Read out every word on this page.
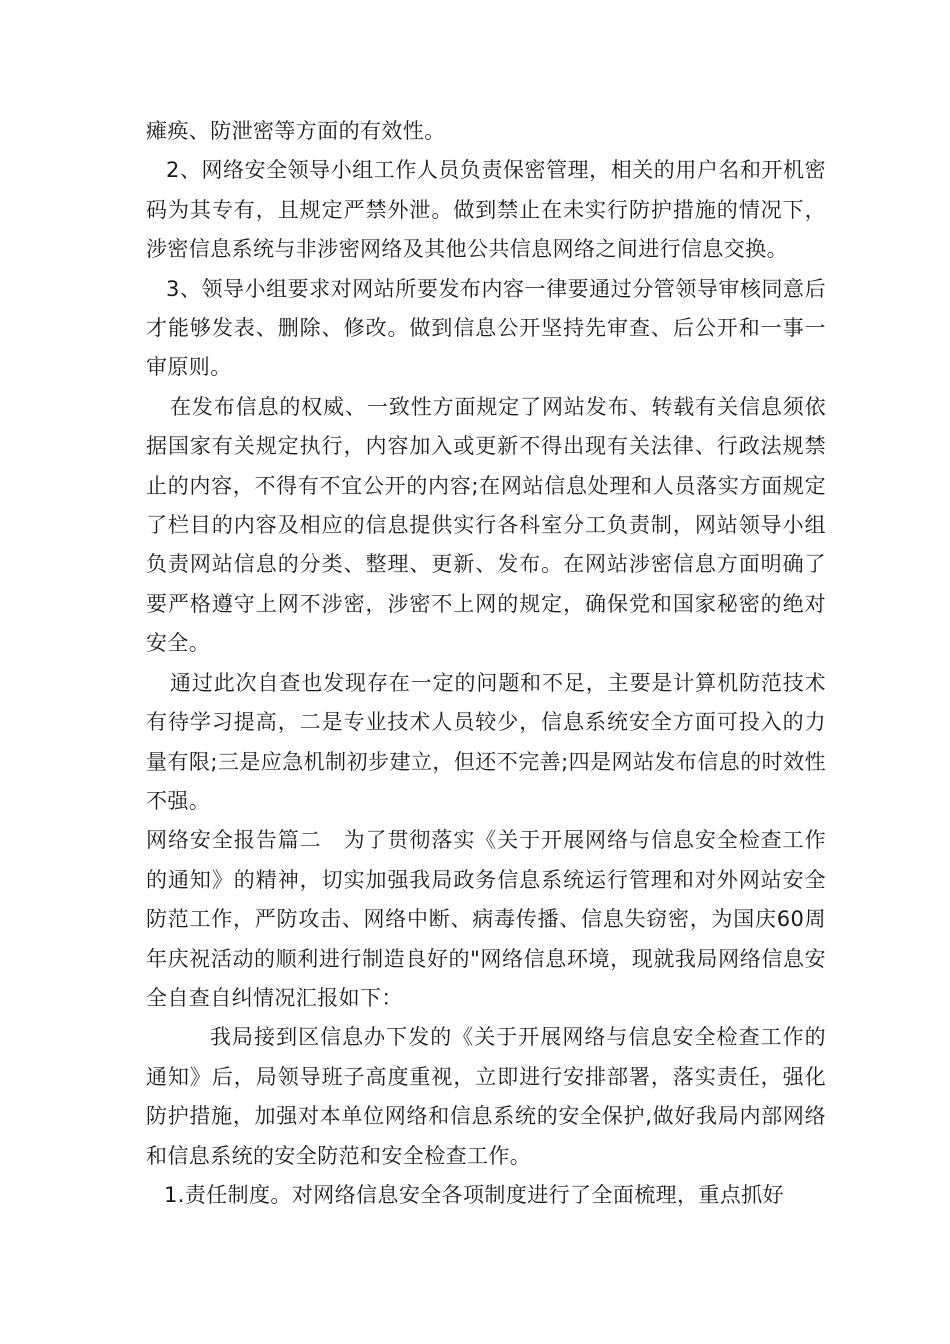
瘫痪、防泄密等方面的有效性。

2、网络安全领导小组工作人员负责保密管理，相关的用户名和开机密码为其专有，且规定严禁外泄。做到禁止在未实行防护措施的情况下，涉密信息系统与非涉密网络及其他公共信息网络之间进行信息交换。

3、领导小组要求对网站所要发布内容一律要通过分管领导审核同意后才能够发表、删除、修改。做到信息公开坚持先审查、后公开和一事一审原则。

在发布信息的权威、一致性方面规定了网站发布、转载有关信息须依据国家有关规定执行，内容加入或更新不得出现有关法律、行政法规禁止的内容，不得有不宜公开的内容;在网站信息处理和人员落实方面规定了栏目的内容及相应的信息提供实行各科室分工负责制，网站领导小组负责网站信息的分类、整理、更新、发布。在网站涉密信息方面明确了要严格遵守上网不涉密，涉密不上网的规定，确保党和国家秘密的绝对安全。

通过此次自查也发现存在一定的问题和不足，主要是计算机防范技术有待学习提高，二是专业技术人员较少，信息系统安全方面可投入的力量有限;三是应急机制初步建立，但还不完善;四是网站发布信息的时效性不强。

网络安全报告篇二　为了贯彻落实《关于开展网络与信息安全检查工作的通知》的精神，切实加强我局政务信息系统运行管理和对外网站安全防范工作，严防攻击、网络中断、病毒传播、信息失窃密，为国庆60周年庆祝活动的顺利进行制造良好的"网络信息环境，现就我局网络信息安全自查自纠情况汇报如下：

我局接到区信息办下发的《关于开展网络与信息安全检查工作的通知》后，局领导班子高度重视，立即进行安排部署，落实责任，强化防护措施，加强对本单位网络和信息系统的安全保护,做好我局内部网络和信息系统的安全防范和安全检查工作。

1.责任制度。对网络信息安全各项制度进行了全面梳理，重点抓好
